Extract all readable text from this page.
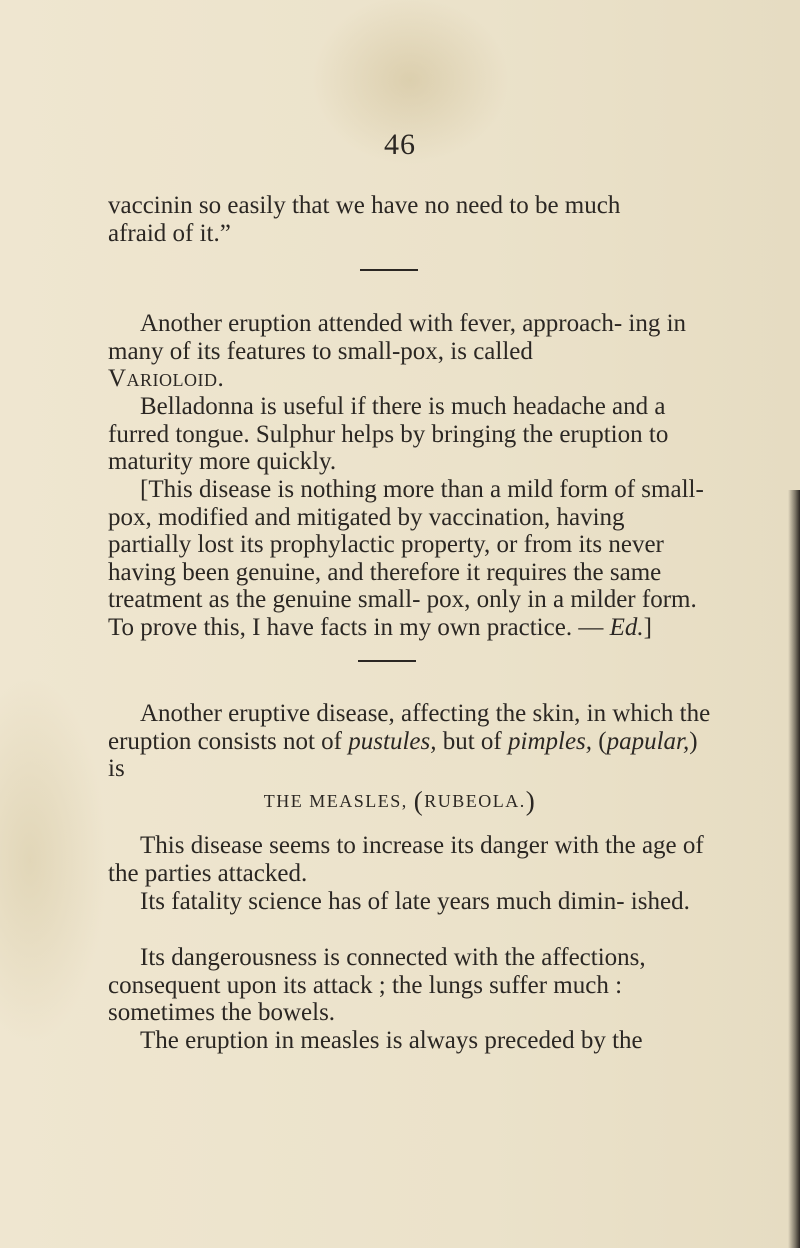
46

vaccinin so easily that we have no need to be much
afraid of it.”

Another eruption attended with fever, approach- ing in many of its features to small-pox, is called
Varioloid.

Belladonna is useful if there is much headache and a furred tongue. Sulphur helps by bringing the eruption to maturity more quickly.

[This disease is nothing more than a mild form of small-pox, modified and mitigated by vaccination, having partially lost its prophylactic property, or from its never having been genuine, and therefore it requires the same treatment as the genuine small- pox, only in a milder form. To prove this, I have facts in my own practice. — Ed.]

Another eruptive disease, affecting the skin, in which the eruption consists not of pustules, but of pimples, (papular,) is

THE MEASLES, (RUBEOLA.)

This disease seems to increase its danger with the age of the parties attacked.

Its fatality science has of late years much dimin- ished.

Its dangerousness is connected with the affections, consequent upon its attack ; the lungs suffer much : sometimes the bowels.

The eruption in measles is always preceded by the
